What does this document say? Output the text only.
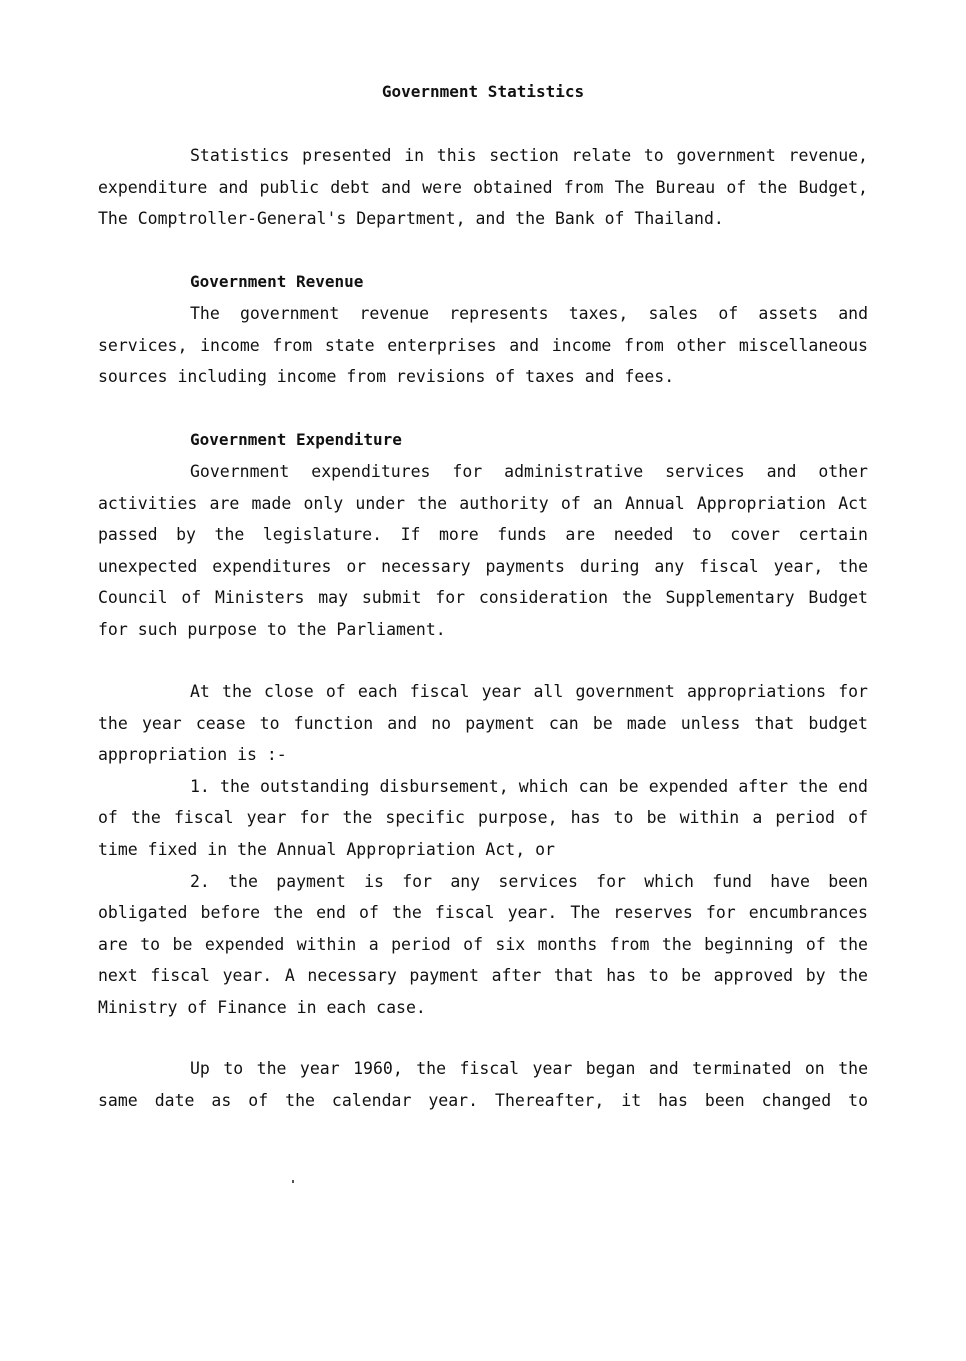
Government Statistics

Statistics presented in this section relate to government revenue, expenditure and public debt and were obtained from The Bureau of the Budget, The Comptroller-General's Department, and the Bank of Thailand.

Government Revenue

The government revenue represents taxes, sales of assets and services, income from state enterprises and income from other miscellaneous sources including income from revisions of taxes and fees.

Government Expenditure

Government expenditures for administrative services and other activities are made only under the authority of an Annual Appropriation Act passed by the legislature. If more funds are needed to cover certain unexpected expenditures or necessary payments during any fiscal year, the Council of Ministers may submit for consideration the Supplementary Budget for such purpose to the Parliament.

At the close of each fiscal year all government appropriations for the year cease to function and no payment can be made unless that budget appropriation is :-

1. the outstanding disbursement, which can be expended after the end of the fiscal year for the specific purpose, has to be within a period of time fixed in the Annual Appropriation Act, or

2. the payment is for any services for which fund have been obligated before the end of the fiscal year. The reserves for encumbrances are to be expended within a period of six months from the beginning of the next fiscal year. A necessary payment after that has to be approved by the Ministry of Finance in each case.

Up to the year 1960, the fiscal year began and terminated on the same date as of the calendar year. Thereafter, it has been changed to
